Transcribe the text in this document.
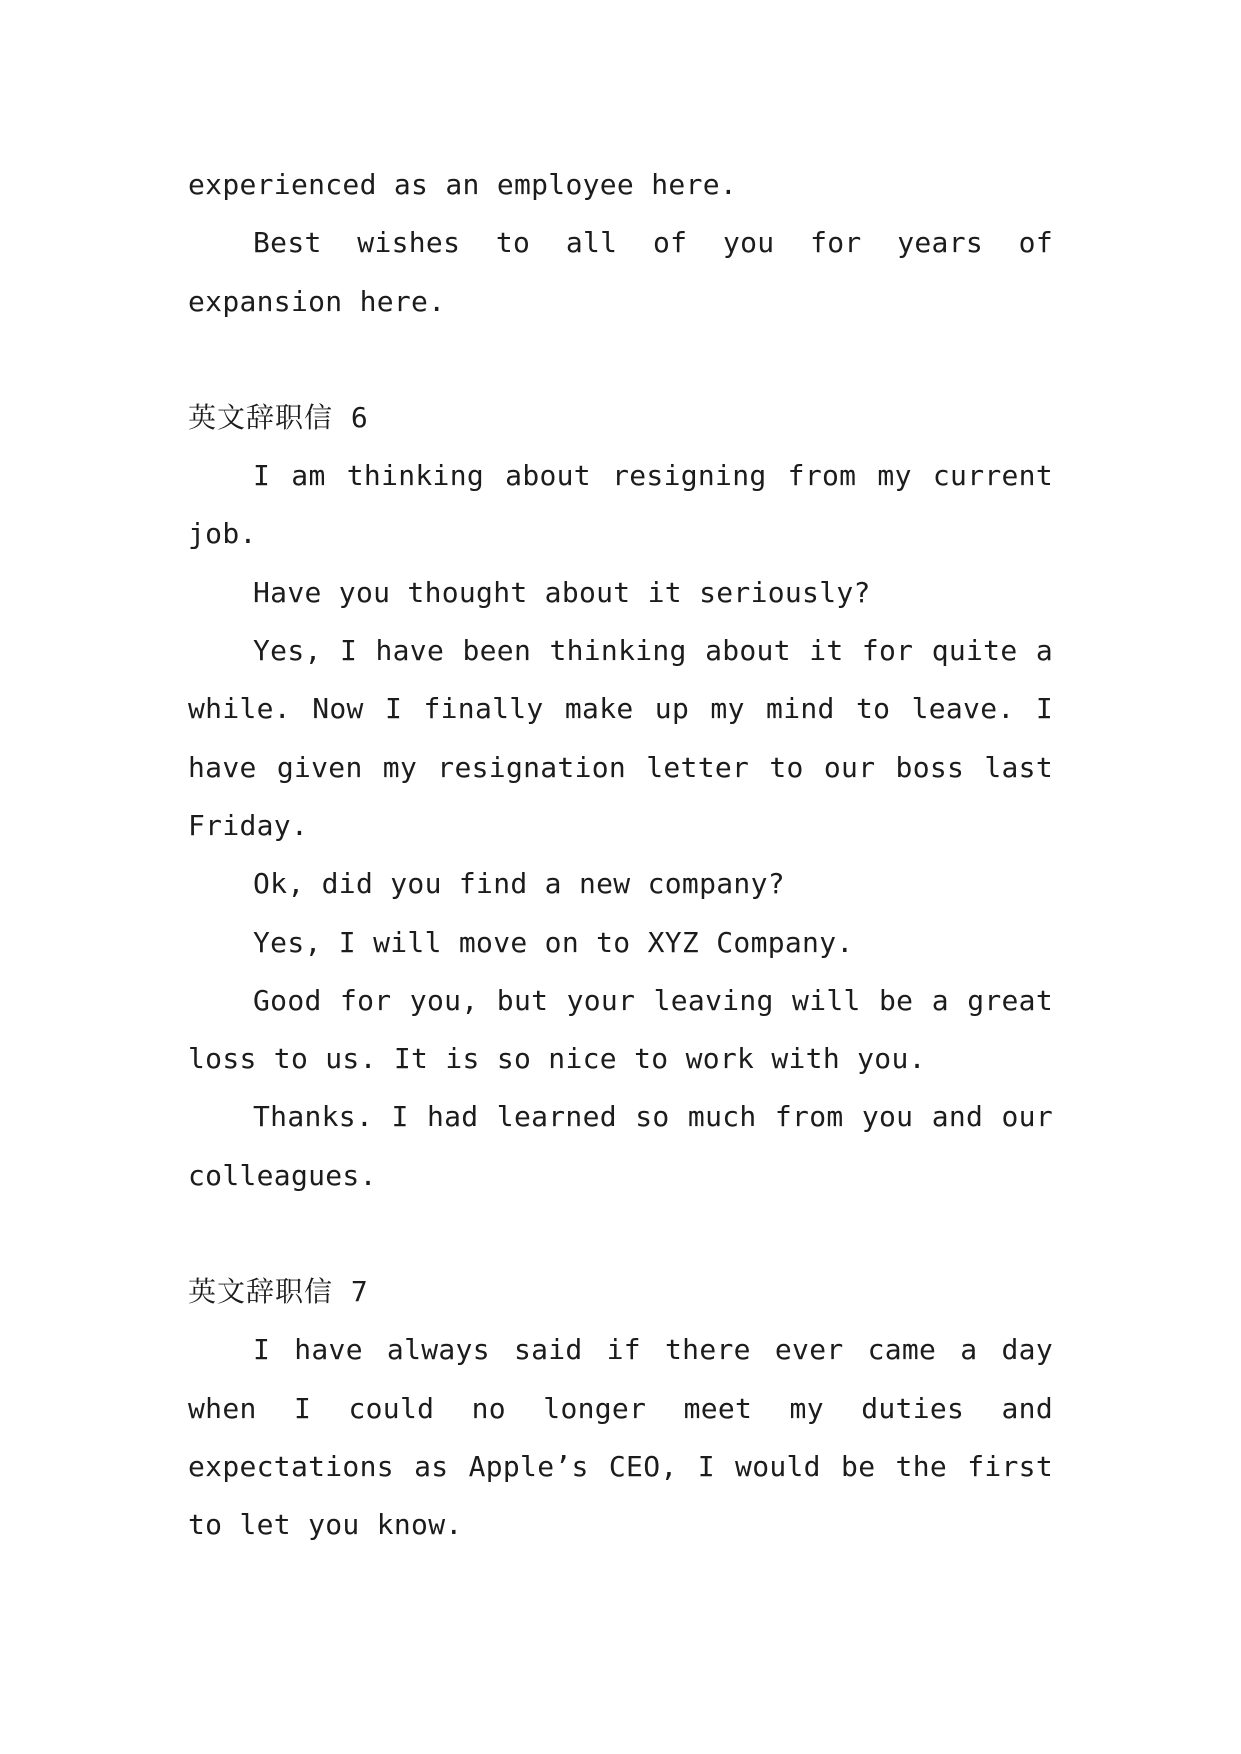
experienced as an employee here.

Best wishes to all of you for years of expansion here.

英文辞职信 6

I am thinking about resigning from my current job.

Have you thought about it seriously?

Yes, I have been thinking about it for quite a while. Now I finally make up my mind to leave. I have given my resignation letter to our boss last Friday.

Ok, did you find a new company?

Yes, I will move on to XYZ Company.

Good for you, but your leaving will be a great loss to us. It is so nice to work with you.

Thanks. I had learned so much from you and our colleagues.

英文辞职信 7

I have always said if there ever came a day when I could no longer meet my duties and expectations as Apple’s CEO, I would be the first to let you know.
